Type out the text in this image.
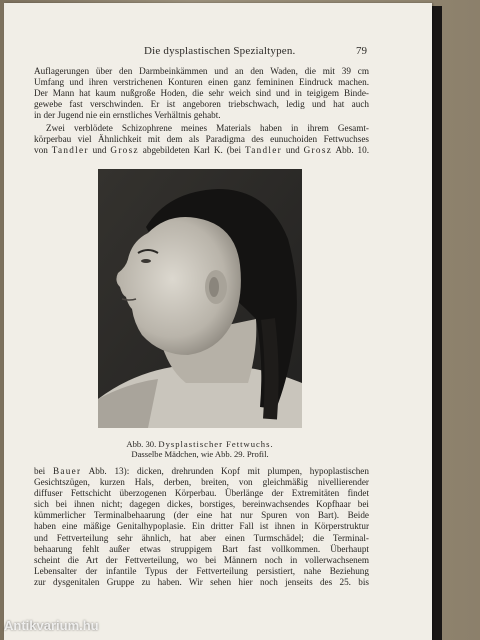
Die dysplastischen Spezialtypen.	79
Auflagerungen über den Darmbeinkämmen und an den Waden, die mit 39 cm
Umfang und ihren verstrichenen Konturen einen ganz femininen Eindruck machen.
Der Mann hat kaum nußgroße Hoden, die sehr weich sind und in teigigem Binde-
gewebe fast verschwinden. Er ist angeboren triebschwach, ledig und hat auch
in der Jugend nie ein ernstliches Verhältnis gehabt.
Zwei verblödete Schizophrene meines Materials haben in ihrem Gesamt-
körperbau viel Ähnlichkeit mit dem als Paradigma des eunuchoiden Fettwuchses
von Tandler und Grosz abgebildeten Karl K. (bei Tandler und Grosz Abb. 10.
Abb. 30. Dysplastischer Fettwuchs.
Dasselbe Mädchen, wie Abb. 29. Profil.
bei Bauer Abb. 13): dicken, drehrunden Kopf mit plumpen, hypoplastischen
Gesichtszügen, kurzen Hals, derben, breiten, von gleichmäßig nivellierender
diffuser Fettschicht überzogenen Körperbau. Überlänge der Extremitäten findet
sich bei ihnen nicht; dagegen dickes, borstiges, bereinwachsendes Kopfhaar bei
kümmerlicher Terminalbehaarung (der eine hat nur Spuren von Bart). Beide
haben eine mäßige Genitalhypoplasie. Ein dritter Fall ist ihnen in Körperstruktur
und Fettverteilung sehr ähnlich, hat aber einen Turmschädel; die Terminal-
behaarung fehlt außer etwas struppigem Bart fast vollkommen. Überhaupt
scheint die Art der Fettverteilung, wo bei Männern noch in vollerwachsenem
Lebensalter der infantile Typus der Fettverteilung persistiert, nahe Beziehung
zur dysgenitalen Gruppe zu haben. Wir sehen hier noch jenseits des 25. bis
Antikvarium.hu
